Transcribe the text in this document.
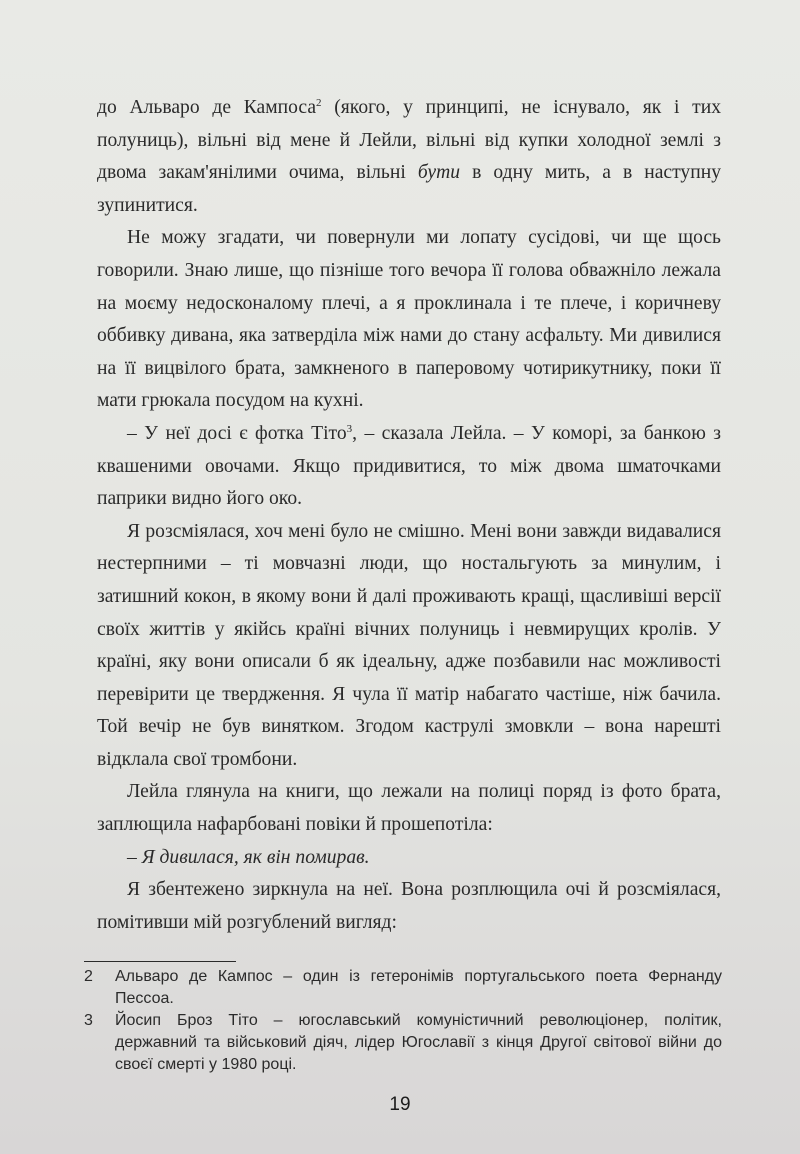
до Альваро де Кампоса$^2$ (якого, у принципі, не існувало, як і тих полуниць), вільні від мене й Лейли, вільні від купки холодної землі з двома закам'янілими очима, вільні бути в одну мить, а в наступну зупинитися.

Не можу згадати, чи повернули ми лопату сусідові, чи ще щось говорили. Знаю лише, що пізніше того вечора її голова обважніло лежала на моєму недосконалому плечі, а я проклинала і те плече, і коричневу оббивку дивана, яка затверділа між нами до стану асфальту. Ми дивилися на її вицвілого брата, замкненого в паперовому чотирикутнику, поки її мати грюкала посудом на кухні.

– У неї досі є фотка Тіто$^3$, – сказала Лейла. – У коморі, за банкою з квашеними овочами. Якщо придивитися, то між двома шматочками паприки видно його око.

Я розсміялася, хоч мені було не смішно. Мені вони завжди видавалися нестерпними – ті мовчазні люди, що ностальгують за минулим, і затишний кокон, в якому вони й далі проживають кращі, щасливіші версії своїх життів у якійсь країні вічних полуниць і невмирущих кролів. У країні, яку вони описали б як ідеальну, адже позбавили нас можливості перевірити це твердження. Я чула її матір набагато частіше, ніж бачила. Той вечір не був винятком. Згодом каструлі змовкли – вона нарешті відклала свої тромбони.

Лейла глянула на книги, що лежали на полиці поряд із фото брата, заплющила нафарбовані повіки й прошепотіла:

– Я дивилася, як він помирав.

Я збентежено зиркнула на неї. Вона розплющила очі й розсміялася, помітивши мій розгублений вигляд:

2	Альваро де Кампос – один із гетеронімів португальського поета Фернанду Пессоа.
3	Йосип Броз Тіто – югославський комуністичний революціонер, політик, державний та військовий діяч, лідер Югославії з кінця Другої світової війни до своєї смерті у 1980 році.
19
